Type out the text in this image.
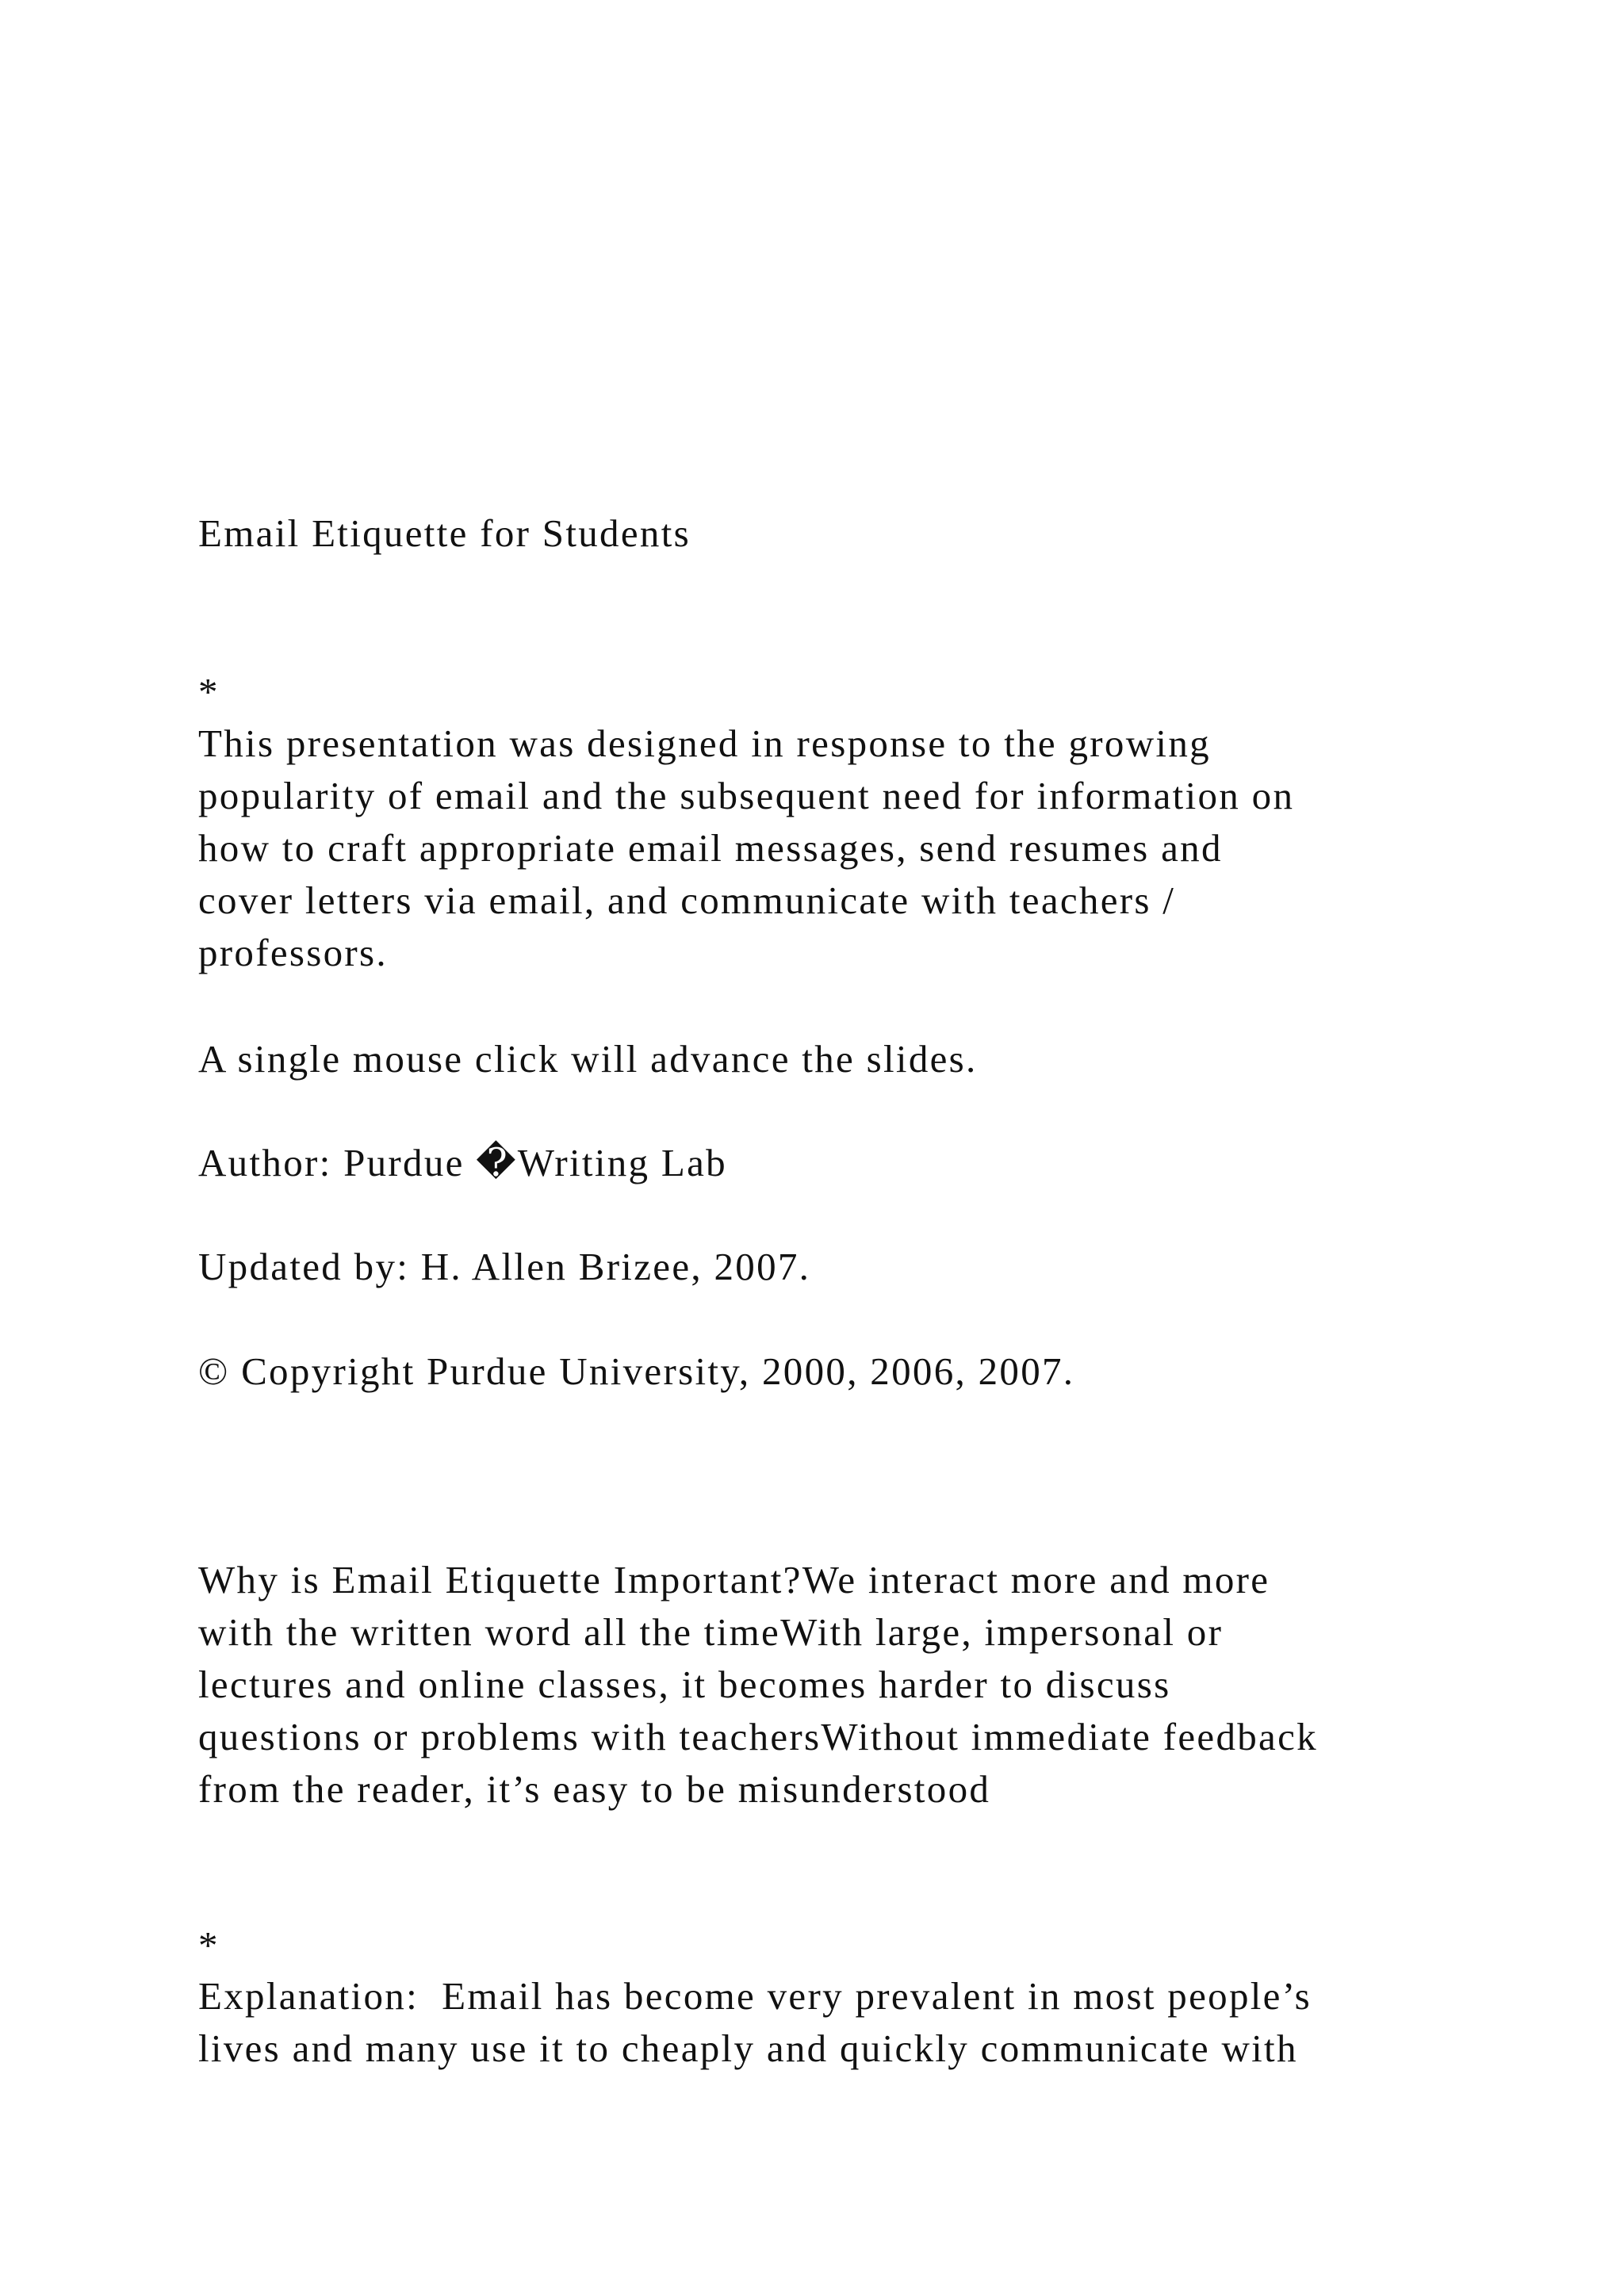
Email Etiquette for Students

*

This presentation was designed in response to the growing
popularity of email and the subsequent need for information on
how to craft appropriate email messages, send resumes and
cover letters via email, and communicate with teachers /
professors.

A single mouse click will advance the slides.

Author: Purdue �Writing Lab

Updated by: H. Allen Brizee, 2007.

© Copyright Purdue University, 2000, 2006, 2007.

Why is Email Etiquette Important?We interact more and more
with the written word all the timeWith large, impersonal or
lectures and online classes, it becomes harder to discuss
questions or problems with teachersWithout immediate feedback
from the reader, it’s easy to be misunderstood

*

Explanation:  Email has become very prevalent in most people’s
lives and many use it to cheaply and quickly communicate with
